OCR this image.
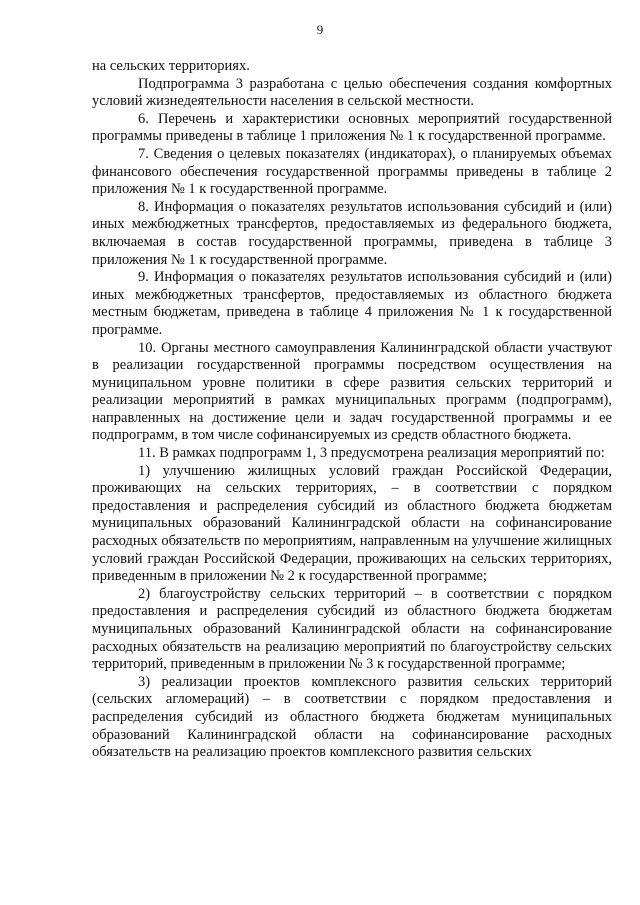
9

на сельских территориях.

Подпрограмма 3 разработана с целью обеспечения создания комфортных условий жизнедеятельности населения в сельской местности.

6. Перечень и характеристики основных мероприятий государственной программы приведены в таблице 1 приложения № 1 к государственной программе.

7. Сведения о целевых показателях (индикаторах), о планируемых объемах финансового обеспечения государственной программы приведены в таблице 2 приложения № 1 к государственной программе.

8. Информация о показателях результатов использования субсидий и (или) иных межбюджетных трансфертов, предоставляемых из федерального бюджета, включаемая в состав государственной программы, приведена в таблице 3 приложения № 1 к государственной программе.

9. Информация о показателях результатов использования субсидий и (или) иных межбюджетных трансфертов, предоставляемых из областного бюджета местным бюджетам, приведена в таблице 4 приложения № 1 к государственной программе.

10. Органы местного самоуправления Калининградской области участвуют в реализации государственной программы посредством осуществления на муниципальном уровне политики в сфере развития сельских территорий и реализации мероприятий в рамках муниципальных программ (подпрограмм), направленных на достижение цели и задач государственной программы и ее подпрограмм, в том числе софинансируемых из средств областного бюджета.

11. В рамках подпрограмм 1, 3 предусмотрена реализация мероприятий по:

1) улучшению жилищных условий граждан Российской Федерации, проживающих на сельских территориях, – в соответствии с порядком предоставления и распределения субсидий из областного бюджета бюджетам муниципальных образований Калининградской области на софинансирование расходных обязательств по мероприятиям, направленным на улучшение жилищных условий граждан Российской Федерации, проживающих на сельских территориях, приведенным в приложении № 2 к государственной программе;

2) благоустройству сельских территорий – в соответствии с порядком предоставления и распределения субсидий из областного бюджета бюджетам муниципальных образований Калининградской области на софинансирование расходных обязательств на реализацию мероприятий по благоустройству сельских территорий, приведенным в приложении № 3 к государственной программе;

3) реализации проектов комплексного развития сельских территорий (сельских агломераций) – в соответствии с порядком предоставления и распределения субсидий из областного бюджета бюджетам муниципальных образований Калининградской области на софинансирование расходных обязательств на реализацию проектов комплексного развития сельских
